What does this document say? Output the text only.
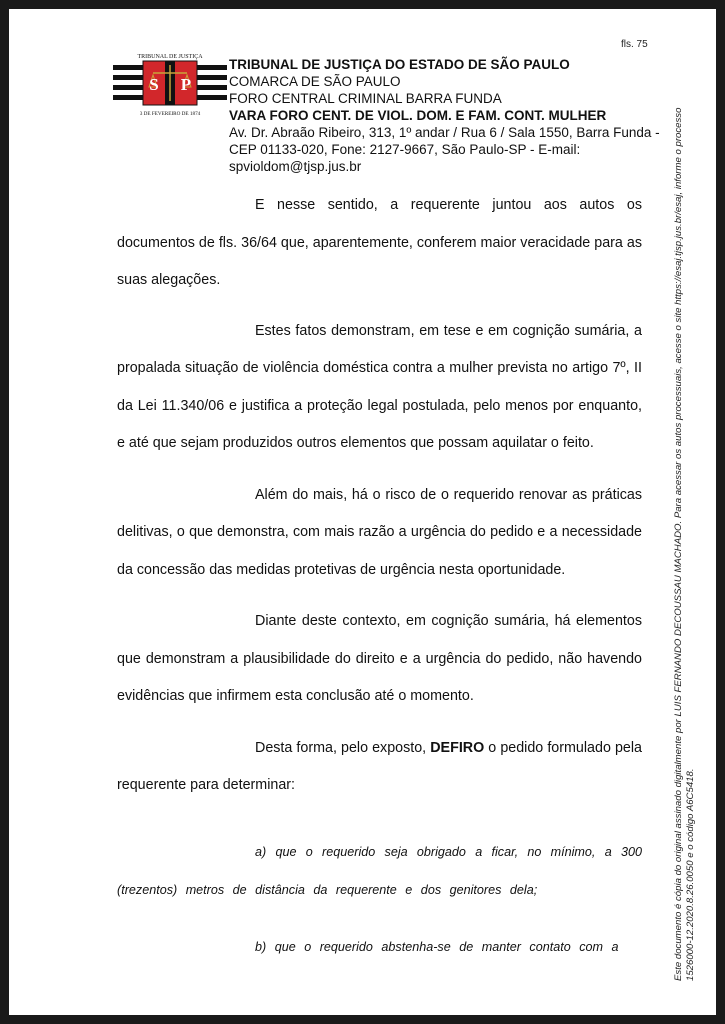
fls. 75
TRIBUNAL DE JUSTIÇA
S P
3 DE FEVEREIRO DE 1874
TRIBUNAL DE JUSTIÇA DO ESTADO DE SÃO PAULO
COMARCA DE SÃO PAULO
FORO CENTRAL CRIMINAL BARRA FUNDA
VARA FORO CENT. DE VIOL. DOM. E FAM. CONT. MULHER
Av. Dr. Abraão Ribeiro, 313, 1º andar / Rua 6 / Sala 1550, Barra Funda - CEP 01133-020, Fone: 2127-9667, São Paulo-SP - E-mail: spvioldom@tjsp.jus.br

E nesse sentido, a requerente juntou aos autos os documentos de fls. 36/64 que, aparentemente, conferem maior veracidade para as suas alegações.

Estes fatos demonstram, em tese e em cognição sumária, a propalada situação de violência doméstica contra a mulher prevista no artigo 7º, II da Lei 11.340/06 e justifica a proteção legal postulada, pelo menos por enquanto, e até que sejam produzidos outros elementos que possam aquilatar o feito.

Além do mais, há o risco de o requerido renovar as práticas delitivas, o que demonstra, com mais razão a urgência do pedido e a necessidade da concessão das medidas protetivas de urgência nesta oportunidade.

Diante deste contexto, em cognição sumária, há elementos que demonstram a plausibilidade do direito e a urgência do pedido, não havendo evidências que infirmem esta conclusão até o momento.

Desta forma, pelo exposto, DEFIRO o pedido formulado pela requerente para determinar:

a) que o requerido seja obrigado a ficar, no mínimo, a 300 (trezentos) metros de distância da requerente e dos genitores dela;

b) que o requerido abstenha-se de manter contato com a	Este documento é cópia do original assinado digitalmente por LUIS FERNANDO DECOUSSAU MACHADO. Para acessar os autos processuais, acesse o site https://esaj.tjsp.jus.br/esaj, informe o processo 1526000-12.2020.8.26.0050 e o código A6C5418.
